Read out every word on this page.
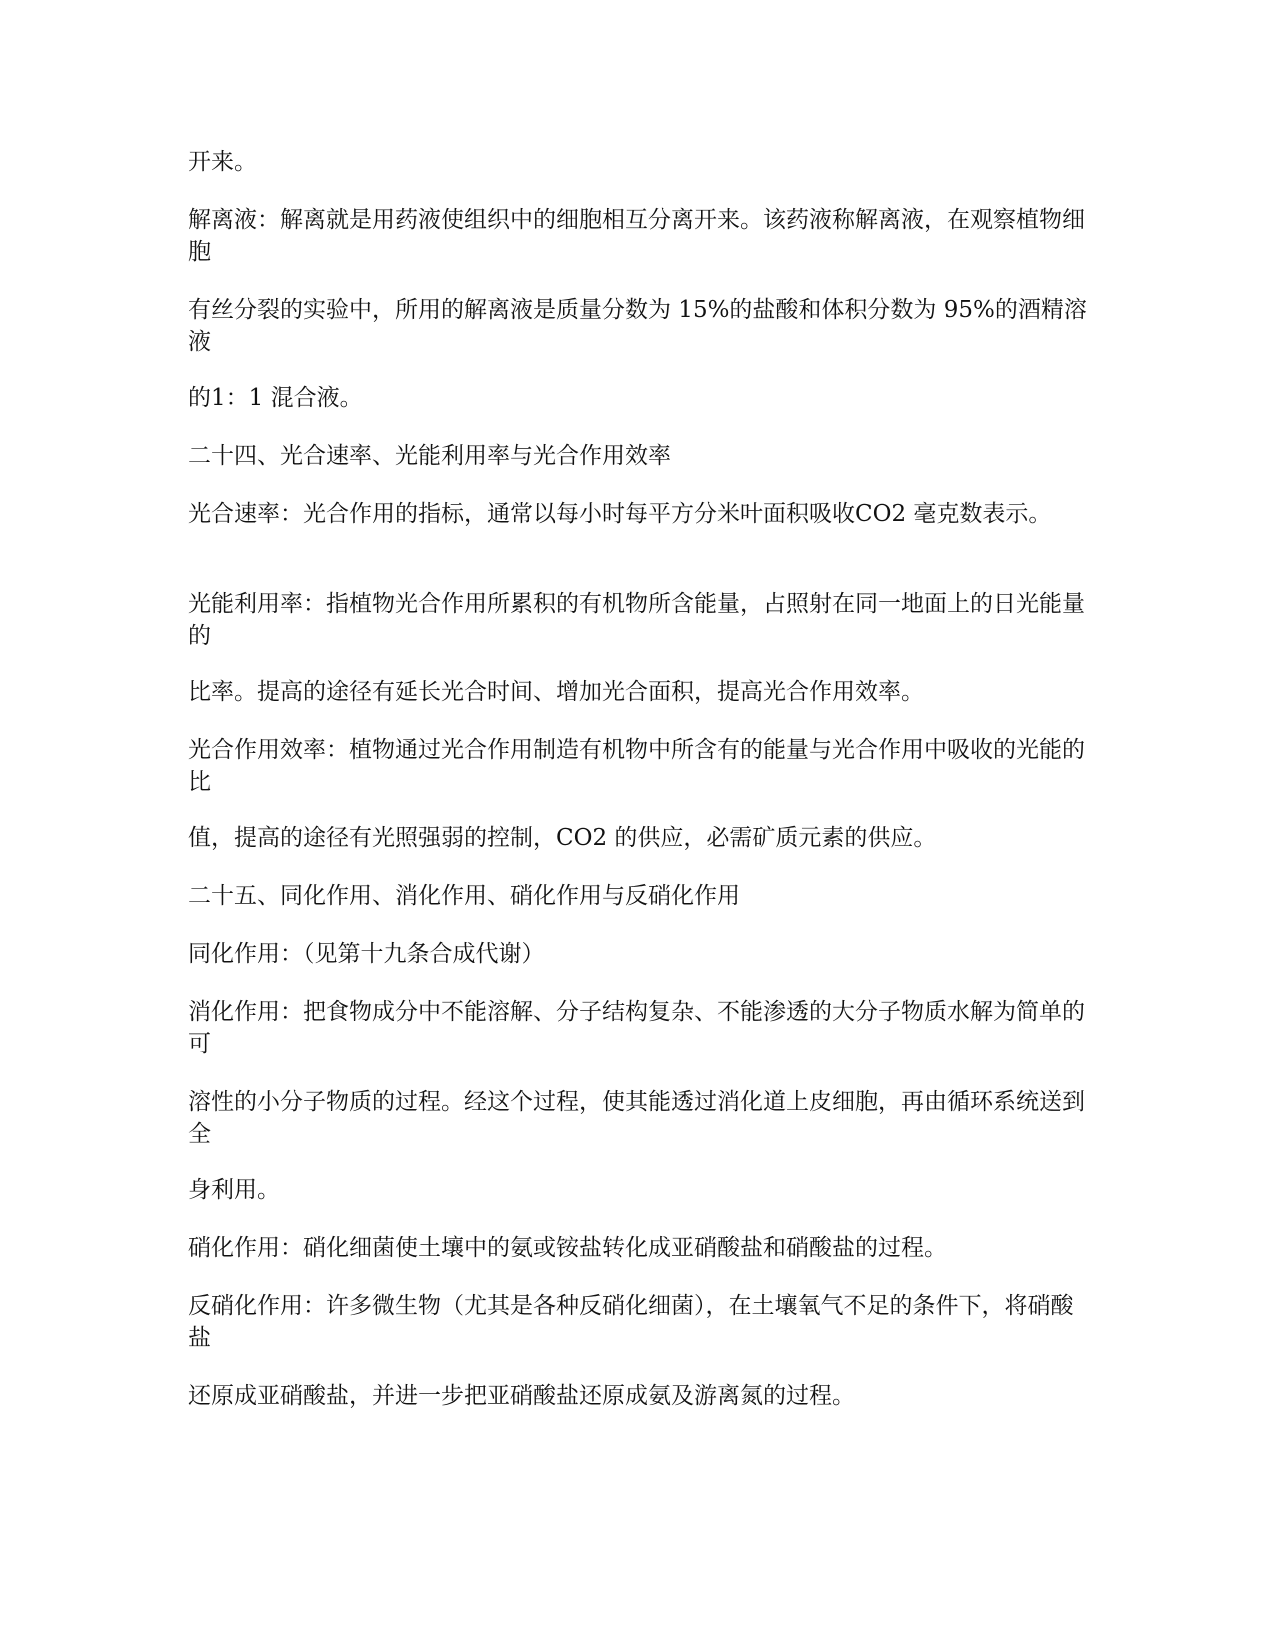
开来。

解离液：解离就是用药液使组织中的细胞相互分离开来。该药液称解离液，在观察植物细胞

有丝分裂的实验中，所用的解离液是质量分数为 15%的盐酸和体积分数为 95%的酒精溶液

的1：1 混合液。

二十四、光合速率、光能利用率与光合作用效率

光合速率：光合作用的指标，通常以每小时每平方分米叶面积吸收CO2 毫克数表示。

光能利用率：指植物光合作用所累积的有机物所含能量，占照射在同一地面上的日光能量的

比率。提高的途径有延长光合时间、增加光合面积，提高光合作用效率。

光合作用效率：植物通过光合作用制造有机物中所含有的能量与光合作用中吸收的光能的比

值，提高的途径有光照强弱的控制，CO2 的供应，必需矿质元素的供应。

二十五、同化作用、消化作用、硝化作用与反硝化作用

同化作用：（见第十九条合成代谢）

消化作用：把食物成分中不能溶解、分子结构复杂、不能渗透的大分子物质水解为简单的可

溶性的小分子物质的过程。经这个过程，使其能透过消化道上皮细胞，再由循环系统送到全

身利用。

硝化作用：硝化细菌使土壤中的氨或铵盐转化成亚硝酸盐和硝酸盐的过程。

反硝化作用：许多微生物（尤其是各种反硝化细菌），在土壤氧气不足的条件下，将硝酸盐

还原成亚硝酸盐，并进一步把亚硝酸盐还原成氨及游离氮的过程。
